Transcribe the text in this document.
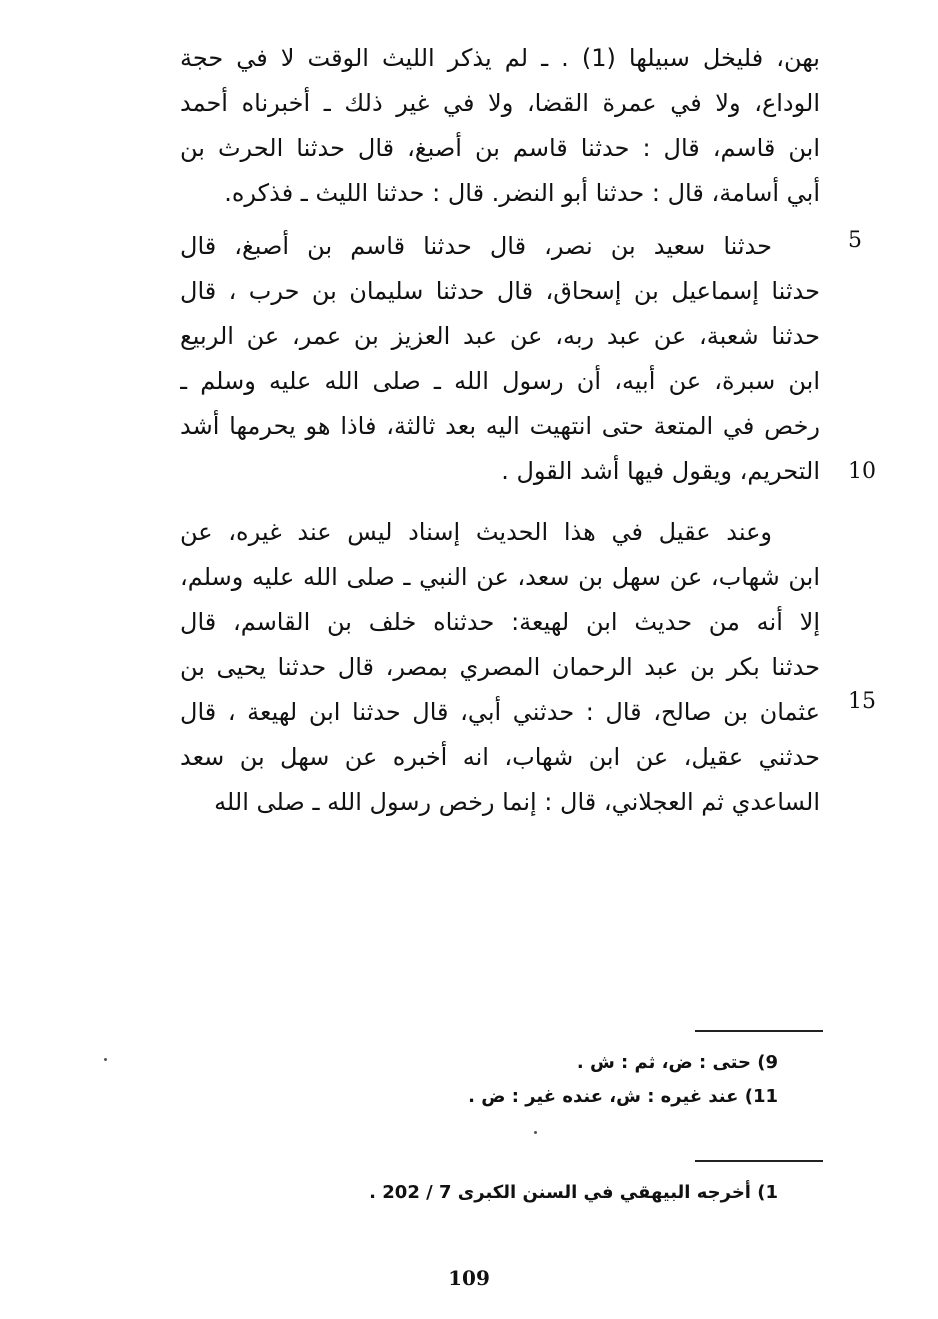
بهن، فليخل سبيلها (1) . ـ لم يذكر الليث الوقت لا في حجة
الوداع، ولا في عمرة القضا، ولا في غير ذلك ـ أخبرناه أحمد
ابن قاسم، قال : حدثنا قاسم بن أصبغ، قال حدثنا الحرث بن
أبي أسامة، قال : حدثنا أبو النضر. قال : حدثنا الليث ـ فذكره.
حدثنا سعيد بن نصر، قال حدثنا قاسم بن أصبغ، قال
حدثنا إسماعيل بن إسحاق، قال حدثنا سليمان بن حرب ، قال
حدثنا شعبة، عن عبد ربه، عن عبد العزيز بن عمر، عن الربيع
ابن سبرة، عن أبيه، أن رسول الله ـ صلى الله عليه وسلم ـ
رخص في المتعة حتى انتهيت اليه بعد ثالثة، فاذا هو يحرمها أشد
التحريم، ويقول فيها أشد القول .
وعند عقيل في هذا الحديث إسناد ليس عند غيره، عن
ابن شهاب، عن سهل بن سعد، عن النبي ـ صلى الله عليه وسلم،
إلا أنه من حديث ابن لهيعة: حدثناه خلف بن القاسم، قال
حدثنا بكر بن عبد الرحمان المصري بمصر، قال حدثنا يحيى بن
عثمان بن صالح، قال : حدثني أبي، قال حدثنا ابن لهيعة ، قال
حدثني عقيل، عن ابن شهاب، انه أخبره عن سهل بن سعد
الساعدي ثم العجلاني، قال : إنما رخص رسول الله ـ صلى الله
5
10
15
9) حتى : ض، ثم : ش .
11) عند غيره : ش، عنده غير : ض .
1) أخرجه البيهقي في السنن الكبرى 7 / 202 .
109
